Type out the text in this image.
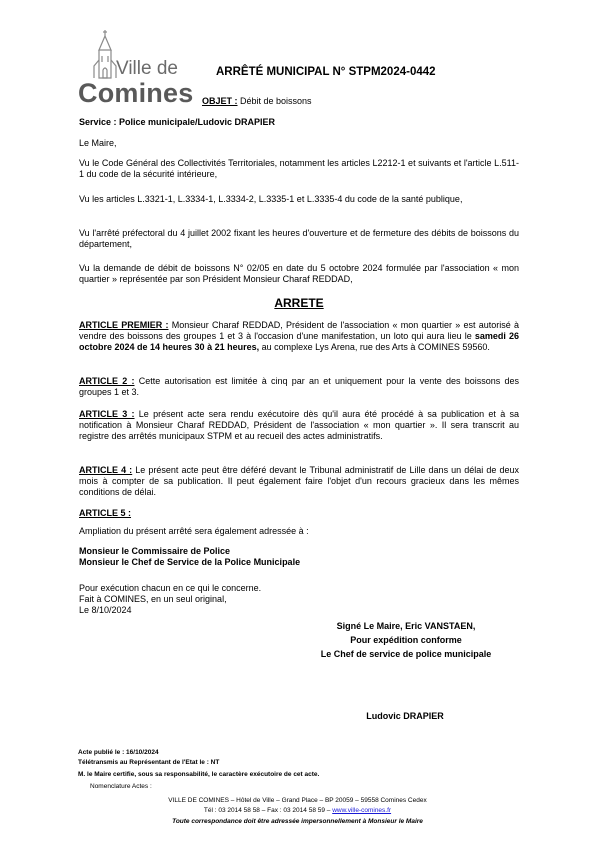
Ville de
Comines
ARRÊTÉ MUNICIPAL N° STPM2024-0442
OBJET : Débit de boissons
Service : Police municipale/Ludovic DRAPIER
Le Maire,
Vu le Code Général des Collectivités Territoriales, notamment les articles L2212-1 et suivants et l'article L.511-1 du code de la sécurité intérieure,
Vu les articles L.3321-1, L.3334-1, L.3334-2, L.3335-1 et L.3335-4 du code de la santé publique,
Vu l'arrêté préfectoral du 4 juillet 2002 fixant les heures d'ouverture et de fermeture des débits de boissons du département,
Vu la demande de débit de boissons N° 02/05 en date du 5 octobre 2024 formulée par l'association « mon quartier » représentée par son Président Monsieur Charaf REDDAD,
ARRETE
ARTICLE PREMIER : Monsieur Charaf REDDAD, Président de l'association « mon quartier » est autorisé à vendre des boissons des groupes 1 et 3 à l'occasion d'une manifestation, un loto qui aura lieu le samedi 26 octobre 2024 de 14 heures 30 à 21 heures, au complexe Lys Arena, rue des Arts à COMINES 59560.
ARTICLE 2 : Cette autorisation est limitée à cinq par an et uniquement pour la vente des boissons des groupes 1 et 3.
ARTICLE 3 : Le présent acte sera rendu exécutoire dès qu'il aura été procédé à sa publication et à sa notification à Monsieur Charaf REDDAD, Président de l'association « mon quartier ». Il sera transcrit au registre des arrêtés municipaux STPM et au recueil des actes administratifs.
ARTICLE 4 : Le présent acte peut être déféré devant le Tribunal administratif de Lille dans un délai de deux mois à compter de sa publication. Il peut également faire l'objet d'un recours gracieux dans les mêmes conditions de délai.
ARTICLE 5 :
Ampliation du présent arrêté sera également adressée à :
Monsieur le Commissaire de Police
Monsieur le Chef de Service de la Police Municipale
Pour exécution chacun en ce qui le concerne.
Fait à COMINES, en un seul original,
Le 8/10/2024
Signé Le Maire, Eric VANSTAEN,
Pour expédition conforme
Le Chef de service de police municipale
Ludovic DRAPIER
Acte publié le : 16/10/2024
Télétransmis au Représentant de l'Etat le : NT
M. le Maire certifie, sous sa responsabilité, le caractère exécutoire de cet acte.
Nomenclature Actes :
VILLE DE COMINES – Hôtel de Ville – Grand Place – BP 20059 – 59558 Comines Cedex
Tél : 03 2014 58 58 – Fax : 03 2014 58 59 – www.ville-comines.fr
Toute correspondance doit être adressée impersonnellement à Monsieur le Maire
